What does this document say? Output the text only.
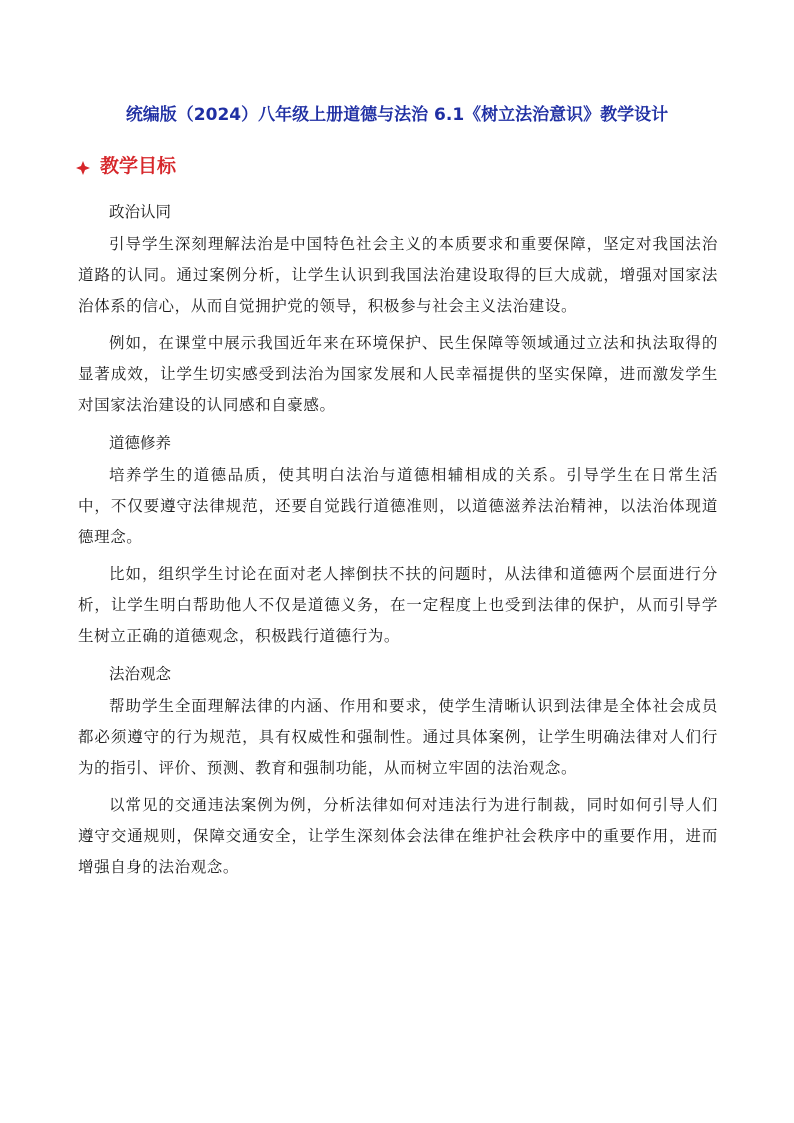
统编版（2024）八年级上册道德与法治 6.1《树立法治意识》教学设计
教学目标

政治认同

引导学生深刻理解法治是中国特色社会主义的本质要求和重要保障，坚定对我国法治道路的认同。通过案例分析，让学生认识到我国法治建设取得的巨大成就，增强对国家法治体系的信心，从而自觉拥护党的领导，积极参与社会主义法治建设。

例如，在课堂中展示我国近年来在环境保护、民生保障等领域通过立法和执法取得的显著成效，让学生切实感受到法治为国家发展和人民幸福提供的坚实保障，进而激发学生对国家法治建设的认同感和自豪感。

道德修养

培养学生的道德品质，使其明白法治与道德相辅相成的关系。引导学生在日常生活中，不仅要遵守法律规范，还要自觉践行道德准则，以道德滋养法治精神，以法治体现道德理念。

比如，组织学生讨论在面对老人摔倒扶不扶的问题时，从法律和道德两个层面进行分析，让学生明白帮助他人不仅是道德义务，在一定程度上也受到法律的保护，从而引导学生树立正确的道德观念，积极践行道德行为。

法治观念

帮助学生全面理解法律的内涵、作用和要求，使学生清晰认识到法律是全体社会成员都必须遵守的行为规范，具有权威性和强制性。通过具体案例，让学生明确法律对人们行为的指引、评价、预测、教育和强制功能，从而树立牢固的法治观念。

以常见的交通违法案例为例，分析法律如何对违法行为进行制裁，同时如何引导人们遵守交通规则，保障交通安全，让学生深刻体会法律在维护社会秩序中的重要作用，进而增强自身的法治观念。
